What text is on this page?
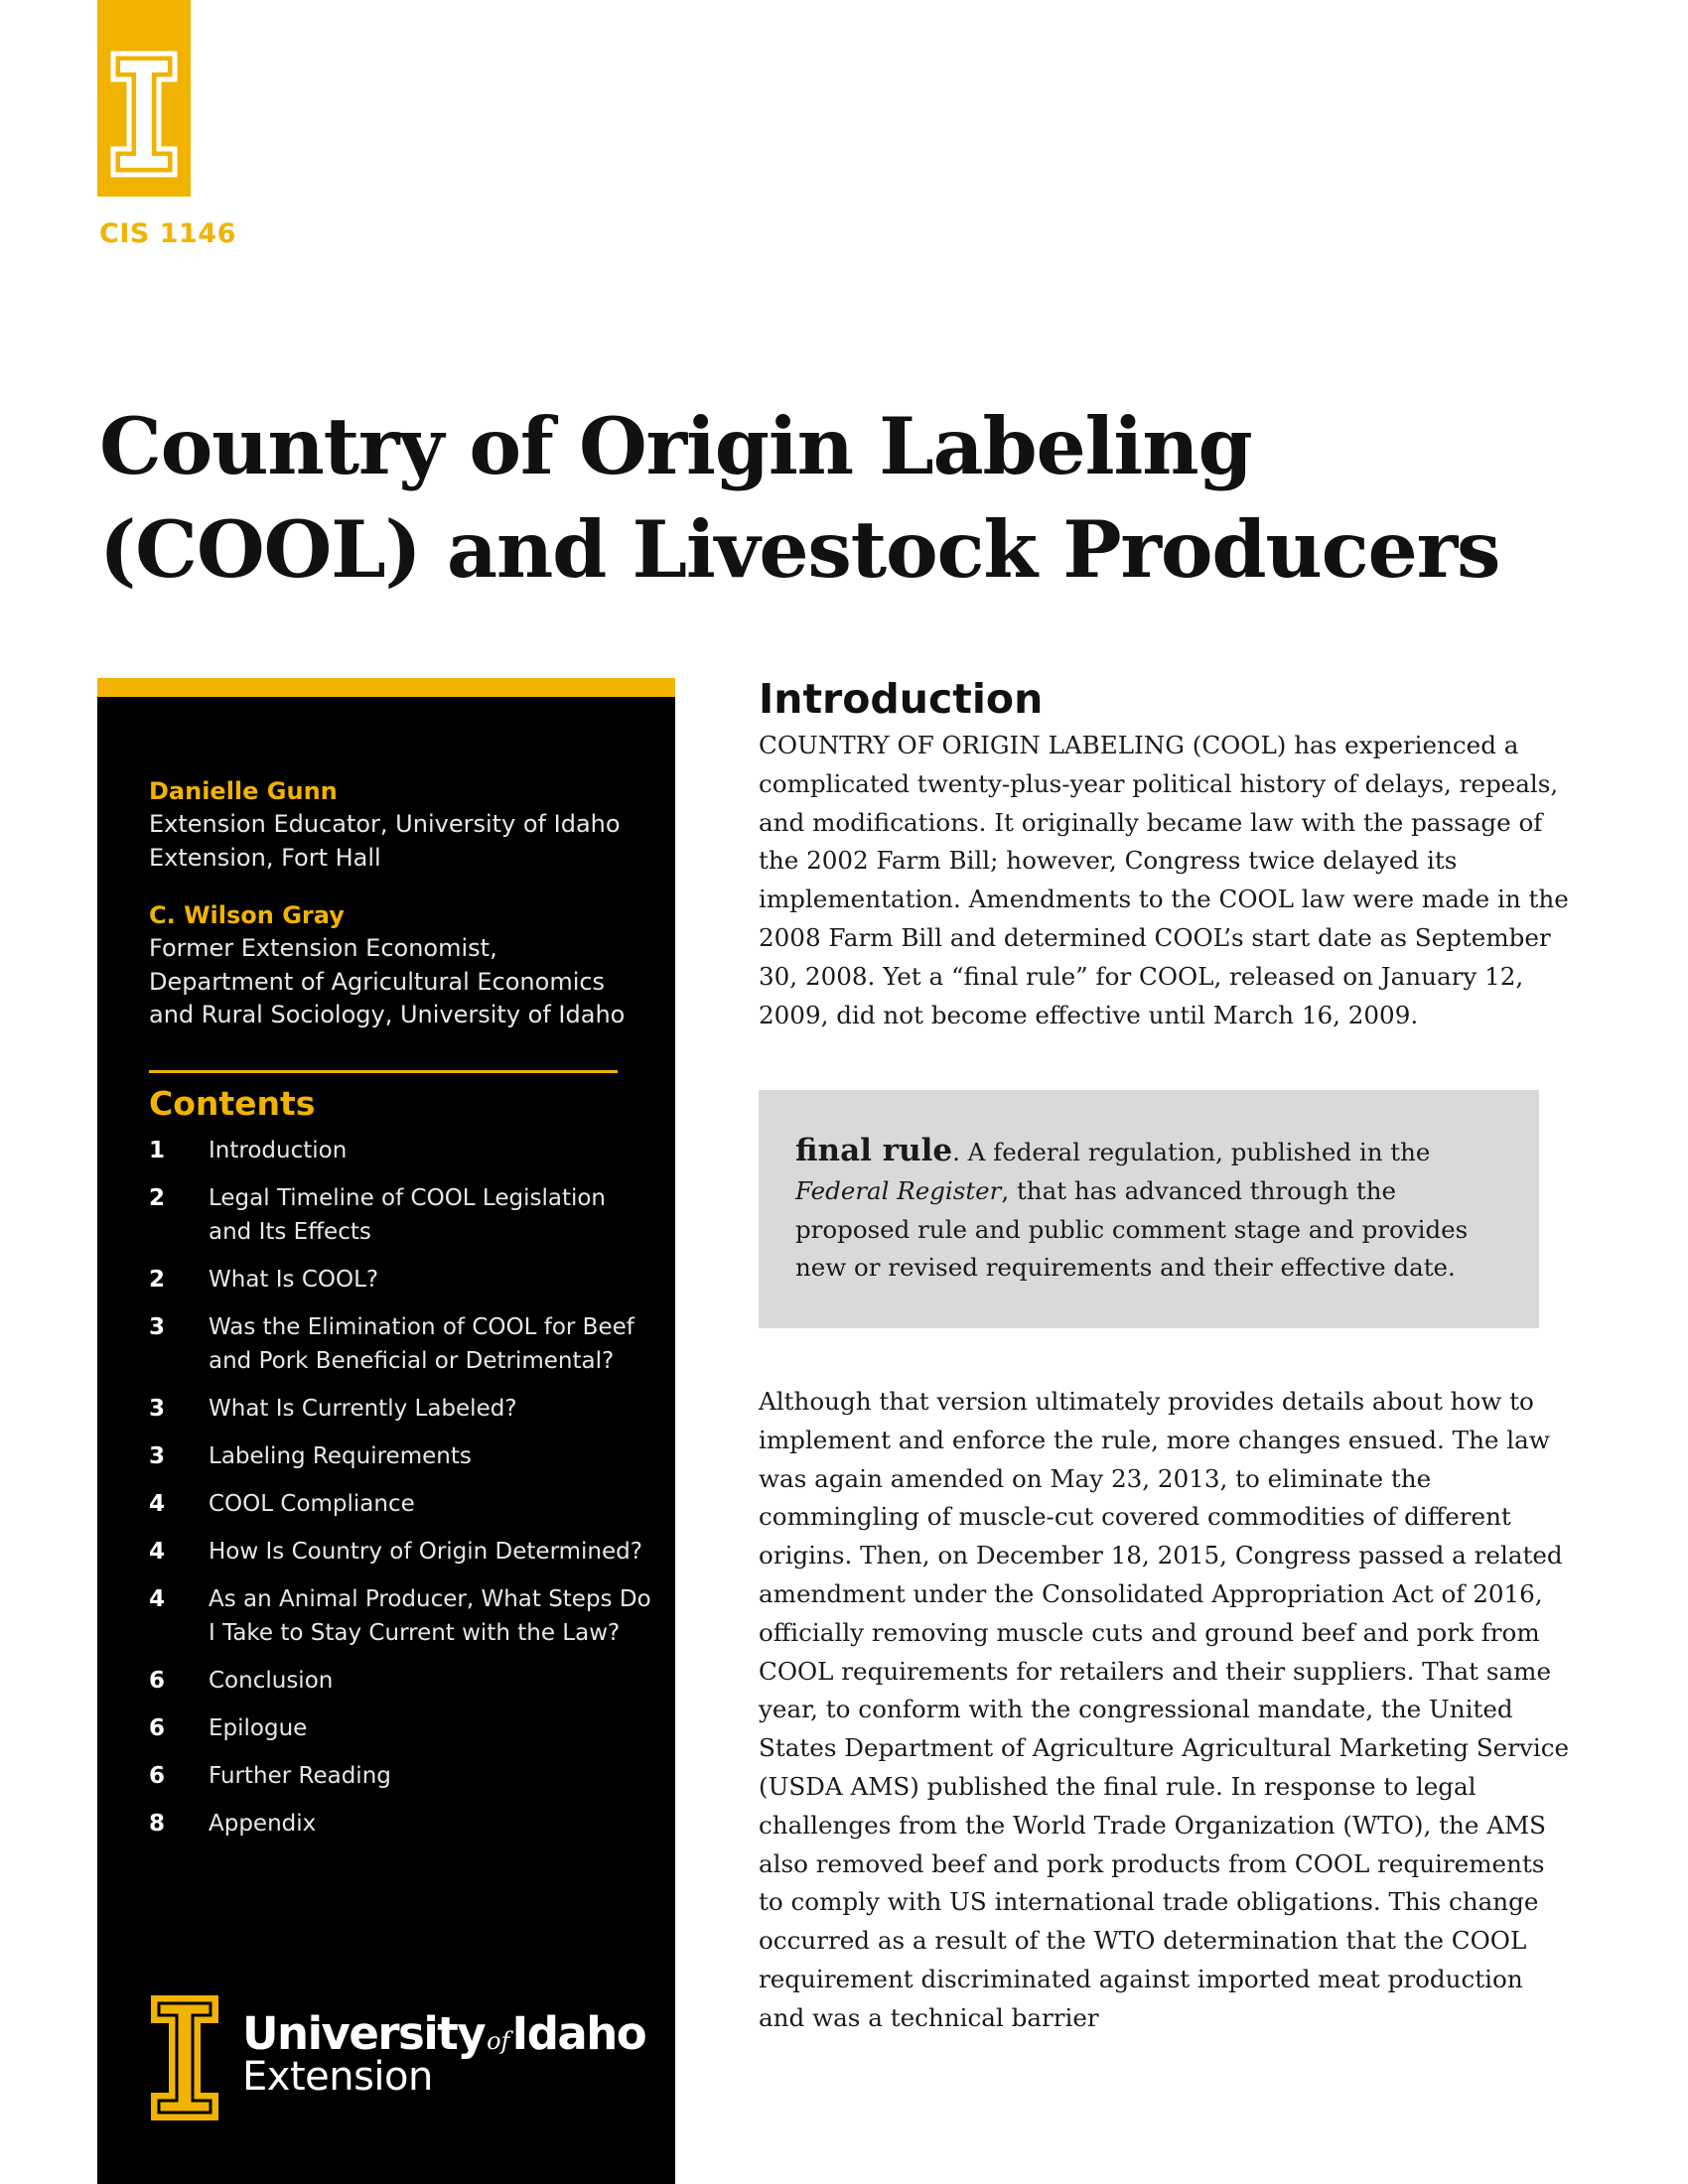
CIS 1146
Country of Origin Labeling (COOL) and Livestock Producers
Danielle Gunn
Extension Educator, University of Idaho Extension, Fort Hall
C. Wilson Gray
Former Extension Economist, Department of Agricultural Economics and Rural Sociology, University of Idaho
Contents
1 Introduction
2 Legal Timeline of COOL Legislation and Its Effects
2 What Is COOL?
3 Was the Elimination of COOL for Beef and Pork Beneficial or Detrimental?
3 What Is Currently Labeled?
3 Labeling Requirements
4 COOL Compliance
4 How Is Country of Origin Determined?
4 As an Animal Producer, What Steps Do I Take to Stay Current with the Law?
6 Conclusion
6 Epilogue
6 Further Reading
8 Appendix
UniversityofIdaho
Extension
Introduction

COUNTRY OF ORIGIN LABELING (COOL) has experienced a complicated twenty-plus-year political history of delays, repeals, and modifications. It originally became law with the passage of the 2002 Farm Bill; however, Congress twice delayed its implementation. Amendments to the COOL law were made in the 2008 Farm Bill and determined COOL’s start date as September 30, 2008. Yet a “final rule” for COOL, released on January 12, 2009, did not become effective until March 16, 2009.

final rule. A federal regulation, published in the Federal Register, that has advanced through the proposed rule and public comment stage and provides new or revised requirements and their effective date.

Although that version ultimately provides details about how to implement and enforce the rule, more changes ensued. The law was again amended on May 23, 2013, to eliminate the commingling of muscle-cut covered commodities of different origins. Then, on December 18, 2015, Congress passed a related amendment under the Consolidated Appropriation Act of 2016, officially removing muscle cuts and ground beef and pork from COOL requirements for retailers and their suppliers. That same year, to conform with the congressional mandate, the United States Department of Agriculture Agricultural Marketing Service (USDA AMS) published the final rule. In response to legal challenges from the World Trade Organization (WTO), the AMS also removed beef and pork products from COOL requirements to comply with US international trade obligations. This change occurred as a result of the WTO determination that the COOL requirement discriminated against imported meat production and was a technical barrier
